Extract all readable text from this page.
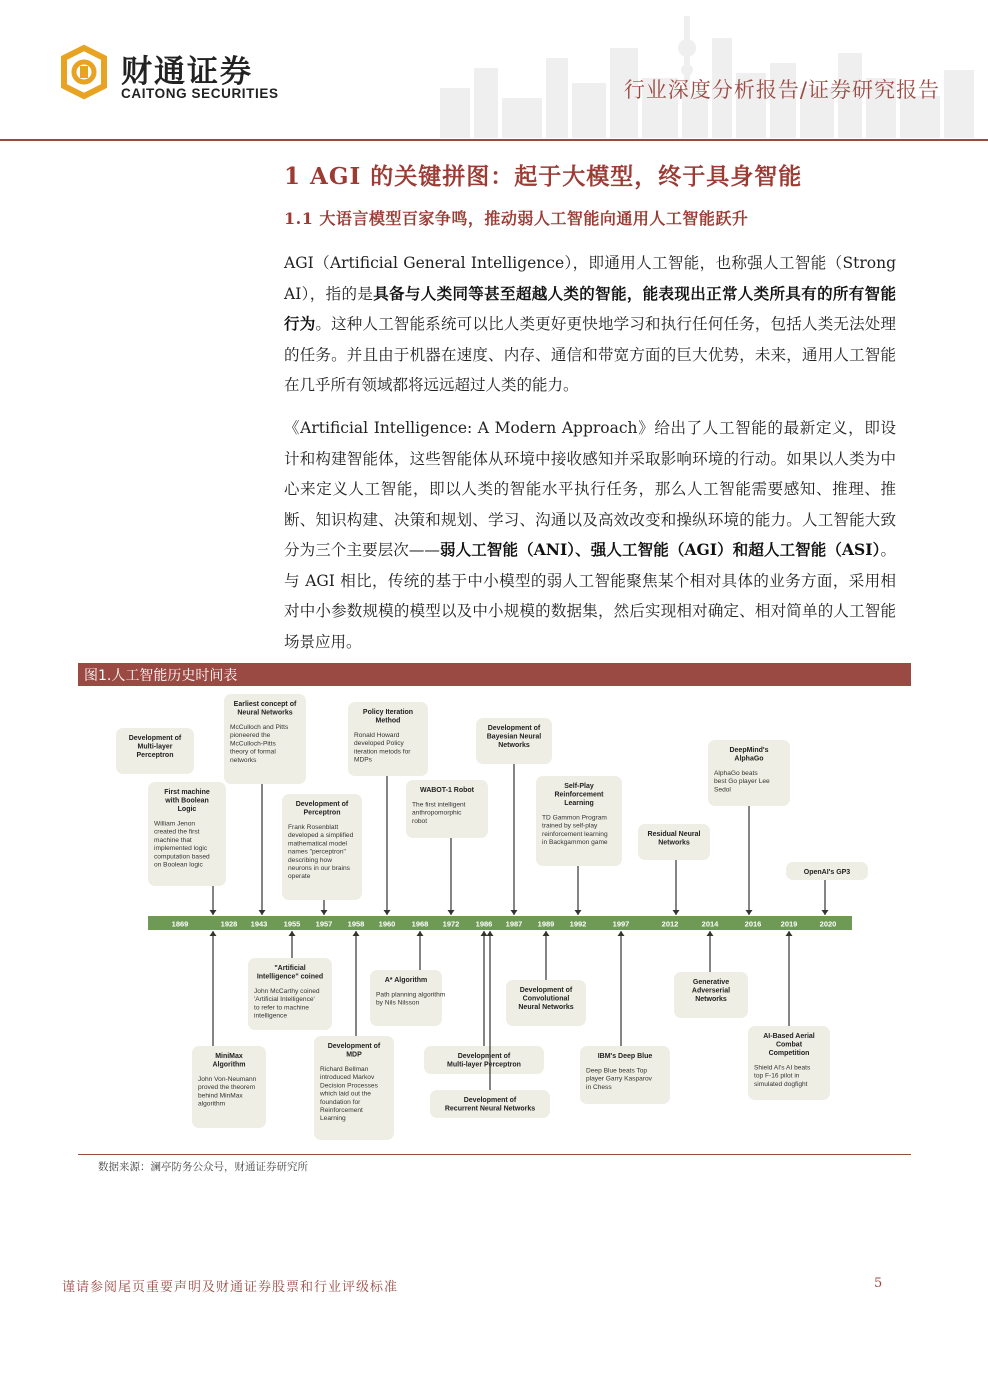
财通证券
CAITONG SECURITIES	行业深度分析报告/证券研究报告
1 AGI 的关键拼图：起于大模型，终于具身智能
1.1 大语言模型百家争鸣，推动弱人工智能向通用人工智能跃升
AGI（Artificial General Intelligence），即通用人工智能，也称强人工智能（Strong AI），指的是具备与人类同等甚至超越人类的智能，能表现出正常人类所具有的所有智能行为。这种人工智能系统可以比人类更好更快地学习和执行任何任务，包括人类无法处理的任务。并且由于机器在速度、内存、通信和带宽方面的巨大优势，未来，通用人工智能在几乎所有领域都将远远超过人类的能力。
《Artificial Intelligence: A Modern Approach》给出了人工智能的最新定义，即设计和构建智能体，这些智能体从环境中接收感知并采取影响环境的行动。如果以人类为中心来定义人工智能，即以人类的智能水平执行任务，那么人工智能需要感知、推理、推断、知识构建、决策和规划、学习、沟通以及高效改变和操纵环境的能力。人工智能大致分为三个主要层次——弱人工智能（ANI）、强人工智能（AGI）和超人工智能（ASI）。与 AGI 相比，传统的基于中小模型的弱人工智能聚焦某个相对具体的业务方面，采用相对中小参数规模的模型以及中小规模的数据集，然后实现相对确定、相对简单的人工智能场景应用。
图1.人工智能历史时间表
1869	1928 1943 1955 1957 1958 1960 1968 1972 1986 1987 1989 1992	1997	2012	2014	2016	2019	2020
Development of
Multi-layer
Perceptron
First machine
with Boolean
Logic
William Jenon
created the first
machine that
implemented logic
computation based
on Boolean logic
Earliest concept of
Neural Networks
McCulloch and Pitts
pioneered the
McCulloch-Pitts
theory of formal
networks
Development of
Perceptron
Frank Rosenblatt
developed a simplified
mathematical model
names "perceptron"
describing how
neurons in our brains
operate
Policy Iteration
Method
Ronald Howard
developed Policy
iteration metods for
MDPs
WABOT-1 Robot
The first intelligent
anthropomorphic
robot
Development of
Bayesian Neural
Networks
Self-Play
Reinforcement
Learning
TD Gammon Program
trained by self-play
reinforcement learning
in Backgammon game
Residual Neural
Networks
DeepMind's
AlphaGo
AlphaGo beats
best Go player Lee
Sedol
OpenAI's GP3
MiniMax
Algorithm
John Von-Neumann
proved the theorem
behind MinMax
algorithm
"Artificial
Intelligence" coined
John McCarthy coined
'Artificial Intelligence'
to refer to machine
intelligence
Development of
MDP
Richard Bellman
introduced Markov
Decision Processes
which laid out the
foundation for
Reinforcement
Learning
A* Algorithm
Path planning algorithm
by Nils Nilsson
Development of
Multi-layer Perceptron
Development of
Recurrent Neural Networks
Development of
Convolutional
Neural Networks
IBM's Deep Blue
Deep Blue beats Top
player Garry Kasparov
in Chess
Generative
Adverserial
Networks
AI-Based Aerial
Combat
Competition
Shield AI's AI beats
top F-16 pilot in
simulated dogfight
数据来源：澜亭防务公众号，财通证券研究所
谨请参阅尾页重要声明及财通证券股票和行业评级标准	5
